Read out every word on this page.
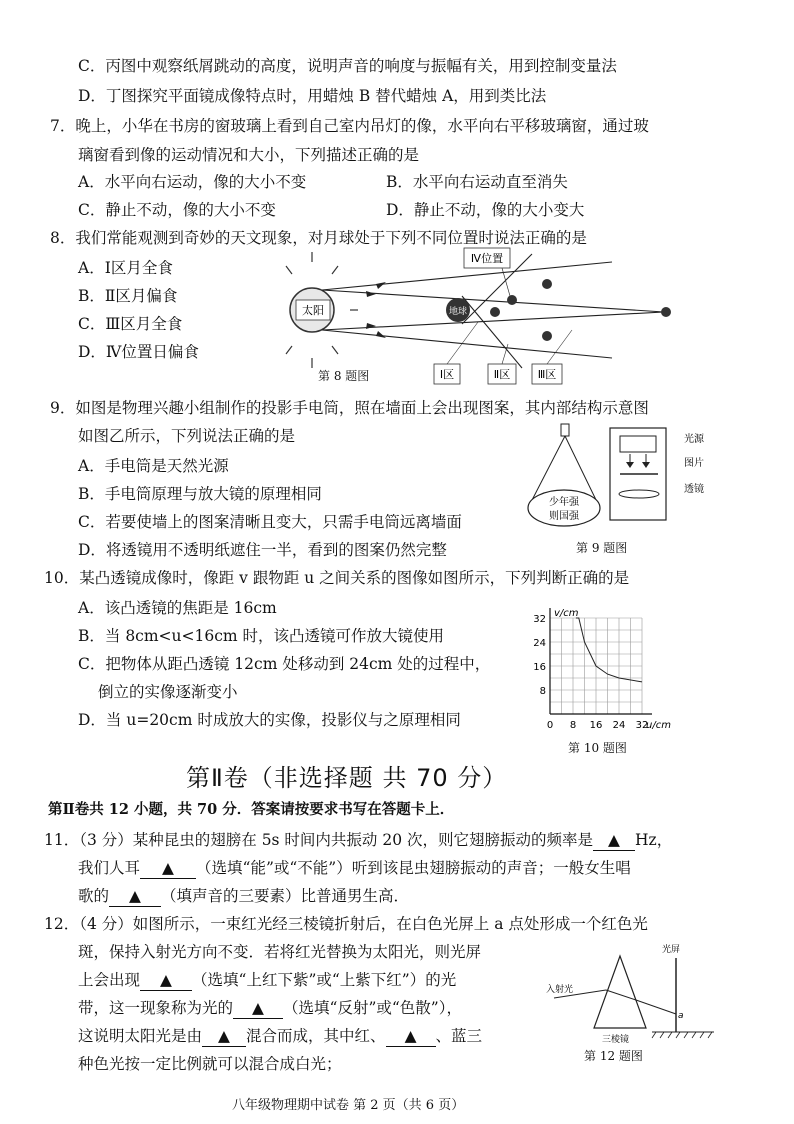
C．丙图中观察纸屑跳动的高度，说明声音的响度与振幅有关，用到控制变量法
D．丁图探究平面镜成像特点时，用蜡烛 B 替代蜡烛 A，用到类比法
7．晚上，小华在书房的窗玻璃上看到自己室内吊灯的像，水平向右平移玻璃窗，通过玻
璃窗看到像的运动情况和大小，下列描述正确的是
A．水平向右运动，像的大小不变	B．水平向右运动直至消失
C．静止不动，像的大小不变	D．静止不动，像的大小变大
8．我们常能观测到奇妙的天文现象，对月球处于下列不同位置时说法正确的是
A．Ⅰ区月全食
B．Ⅱ区月偏食
C．Ⅲ区月全食
D．Ⅳ位置日偏食
太阳	地球
Ⅳ位置
Ⅰ区	Ⅱ区 Ⅲ区
第 8 题图
9．如图是物理兴趣小组制作的投影手电筒，照在墙面上会出现图案，其内部结构示意图
如图乙所示，下列说法正确的是
A．手电筒是天然光源
B．手电筒原理与放大镜的原理相同
C．若要使墙上的图案清晰且变大，只需手电筒远离墙面
D．将透镜用不透明纸遮住一半，看到的图案仍然完整
少年强
则国强
光源
图片
透镜
第 9 题图
10．某凸透镜成像时，像距 v 跟物距 u 之间关系的图像如图所示，下列判断正确的是
A．该凸透镜的焦距是 16cm
B．当 8cm<u<16cm 时，该凸透镜可作放大镜使用
C．把物体从距凸透镜 12cm 处移动到 24cm 处的过程中，
倒立的实像逐渐变小
D．当 u=20cm 时成放大的实像，投影仪与之原理相同	0 8 16 24 32
8
16
24
32
v/cm
u/cm
第 10 题图
第Ⅱ卷（非选择题 共 70 分）
第Ⅱ卷共 12 小题，共 70 分．答案请按要求书写在答题卡上．
11．（3 分）某种昆虫的翅膀在 5s 时间内共振动 20 次，则它翅膀振动的频率是 ▲ Hz，
我们人耳 ▲ （选填“能”或“不能”）听到该昆虫翅膀振动的声音；一般女生唱
歌的 ▲ （填声音的三要素）比普通男生高．
12．（4 分）如图所示，一束红光经三棱镜折射后，在白色光屏上 a 点处形成一个红色光
斑，保持入射光方向不变．若将红光替换为太阳光，则光屏
上会出现 ▲ （选填“上红下紫”或“上紫下红”）的光
带，这一现象称为光的 ▲ （选填“反射”或“色散”），
这说明太阳光是由 ▲ 混合而成，其中红、 ▲ 、蓝三
种色光按一定比例就可以混合成白光；
光屏
入射光
a
三棱镜
第 12 题图
八年级物理期中试卷 第 2 页（共 6 页）
